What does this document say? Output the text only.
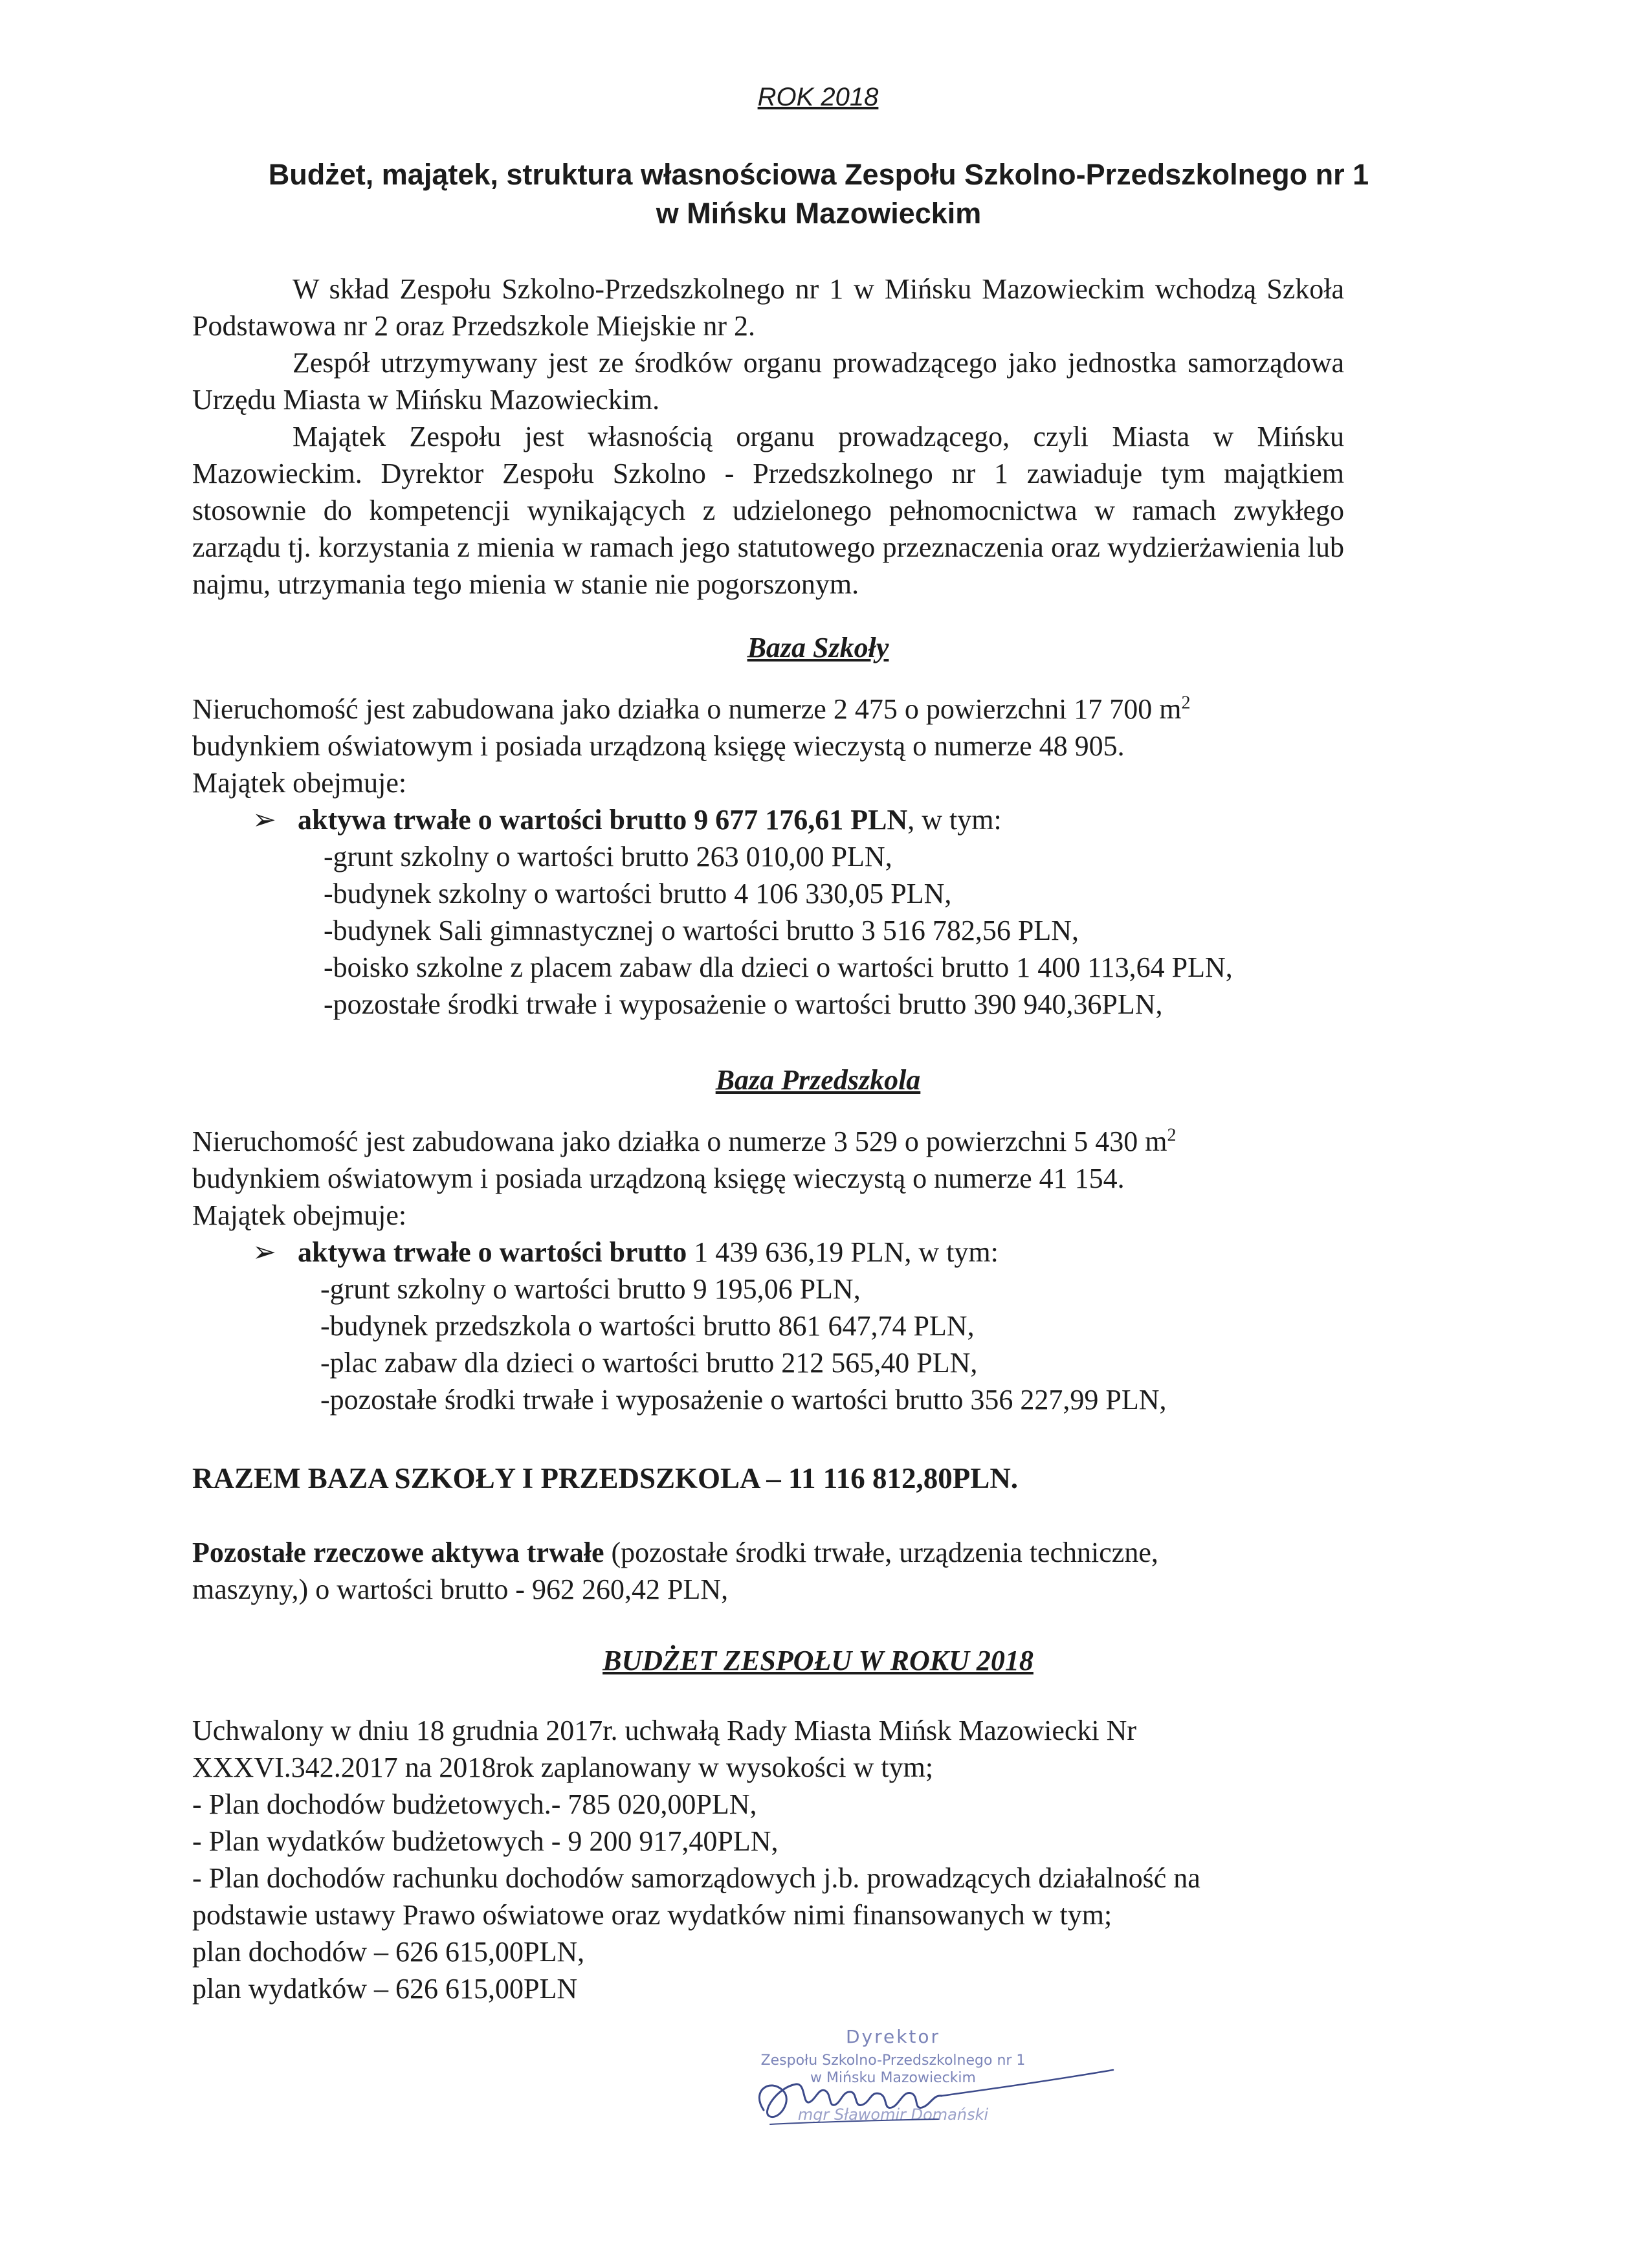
ROK 2018
Budżet, majątek, struktura własnościowa Zespołu Szkolno-Przedszkolnego nr 1
w Mińsku Mazowieckim

W skład Zespołu Szkolno-Przedszkolnego nr 1 w Mińsku Mazowieckim wchodzą Szkoła Podstawowa nr 2 oraz Przedszkole Miejskie nr 2.

Zespół utrzymywany jest ze środków organu prowadzącego jako jednostka samorządowa Urzędu Miasta w Mińsku Mazowieckim.

Majątek Zespołu jest własnością organu prowadzącego, czyli Miasta w Mińsku Mazowieckim. Dyrektor Zespołu Szkolno - Przedszkolnego nr 1 zawiaduje tym majątkiem stosownie do kompetencji wynikających z udzielonego pełnomocnictwa w ramach zwykłego zarządu tj. korzystania z mienia w ramach jego statutowego przeznaczenia oraz wydzierżawienia lub najmu, utrzymania tego mienia w stanie nie pogorszonym.

Baza Szkoły
Nieruchomość jest zabudowana jako działka o numerze 2 475 o powierzchni 17 700 $m^2$
budynkiem oświatowym i posiada urządzoną księgę wieczystą o numerze 48 905.
Majątek obejmuje:
➢ aktywa trwałe o wartości brutto 9 677 176,61 PLN, w tym:

-grunt szkolny o wartości brutto 263 010,00 PLN,

-budynek szkolny o wartości brutto 4 106 330,05 PLN,

-budynek Sali gimnastycznej o wartości brutto 3 516 782,56 PLN,

-boisko szkolne z placem zabaw dla dzieci o wartości brutto 1 400 113,64 PLN,

-pozostałe środki trwałe i wyposażenie o wartości brutto 390 940,36PLN,

Baza Przedszkola
Nieruchomość jest zabudowana jako działka o numerze 3 529 o powierzchni 5 430 $m^2$
budynkiem oświatowym i posiada urządzoną księgę wieczystą o numerze 41 154.
Majątek obejmuje:
➢ aktywa trwałe o wartości brutto 1 439 636,19 PLN, w tym:

-grunt szkolny o wartości brutto 9 195,06 PLN,

-budynek przedszkola o wartości brutto 861 647,74 PLN,

-plac zabaw dla dzieci o wartości brutto 212 565,40 PLN,

-pozostałe środki trwałe i wyposażenie o wartości brutto 356 227,99 PLN,

RAZEM BAZA SZKOŁY I PRZEDSZKOLA – 11 116 812,80PLN.
Pozostałe rzeczowe aktywa trwałe (pozostałe środki trwałe, urządzenia techniczne,
maszyny,) o wartości brutto - 962 260,42 PLN,
BUDŻET ZESPOŁU W ROKU 2018

Uchwalony w dniu 18 grudnia 2017r. uchwałą Rady Miasta Mińsk Mazowiecki Nr

XXXVI.342.2017 na 2018rok zaplanowany w wysokości w tym;

- Plan dochodów budżetowych.- 785 020,00PLN,

- Plan wydatków budżetowych - 9 200 917,40PLN,

- Plan dochodów rachunku dochodów samorządowych j.b. prowadzących działalność na

podstawie ustawy Prawo oświatowe oraz wydatków nimi finansowanych w tym;

plan dochodów – 626 615,00PLN,

plan wydatków – 626 615,00PLN

Dyrektor
Zespołu Szkolno-Przedszkolnego nr 1
w Mińsku Mazowieckim
mgr Sławomir Domański
